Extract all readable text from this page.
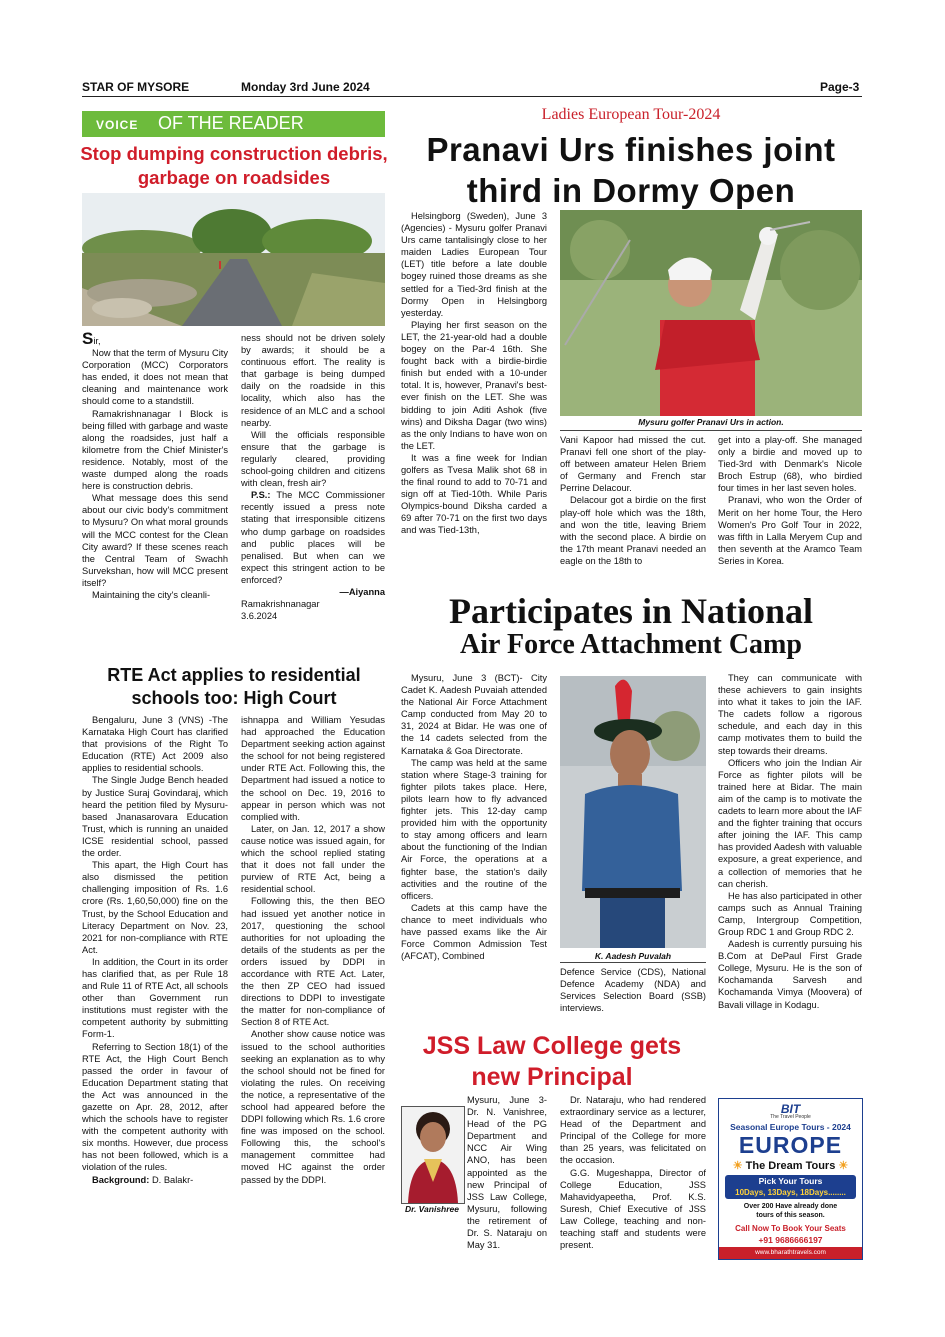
STAR OF MYSORE	Monday 3rd June 2024	Page-3
VOICE OF THE READER
Stop dumping construction debris,
garbage on roadsides

Sir,

Now that the term of Mysuru City Corporation (MCC) Corporators has ended, it does not mean that cleaning and maintenance work should come to a standstill.

Ramakrishnanagar I Block is being filled with garbage and waste along the roadsides, just half a kilometre from the Chief Minister's residence. Notably, most of the waste dumped along the roads here is construction debris.

What message does this send about our civic body's commitment to Mysuru? On what moral grounds will the MCC contest for the Clean City award? If these scenes reach the Central Team of Swachh Survekshan, how will MCC present itself?

Maintaining the city's cleanli-

ness should not be driven solely by awards; it should be a continuous effort. The reality is that garbage is being dumped daily on the roadside in this locality, which also has the residence of an MLC and a school nearby.

Will the officials responsible ensure that the garbage is regularly cleared, providing school-going children and citizens with clean, fresh air?

P.S.: The MCC Commissioner recently issued a press note stating that irresponsible citizens who dump garbage on roadsides and public places will be penalised. But when can we expect this stringent action to be enforced?

—Aiyanna

Ramakrishnanagar

3.6.2024

RTE Act applies to residential
schools too: High Court

Bengaluru, June 3 (VNS) -The Karnataka High Court has clarified that provisions of the Right To Education (RTE) Act 2009 also applies to residential schools.

The Single Judge Bench headed by Justice Suraj Govindaraj, which heard the petition filed by Mysuru-based Jnanasarovara Education Trust, which is running an unaided ICSE residential school, passed the order.

This apart, the High Court has also dismissed the petition challenging imposition of Rs. 1.6 crore (Rs. 1,60,50,000) fine on the Trust, by the School Education and Literacy Department on Nov. 23, 2021 for non-compliance with RTE Act.

In addition, the Court in its order has clarified that, as per Rule 18 and Rule 11 of RTE Act, all schools other than Government run institutions must register with the competent authority by submitting Form-1.

Referring to Section 18(1) of the RTE Act, the High Court Bench passed the order in favour of Education Department stating that the Act was announced in the gazette on Apr. 28, 2012, after which the schools have to register with the competent authority with six months. However, due process has not been followed, which is a violation of the rules.

Background: D. Balakr-

ishnappa and William Yesudas had approached the Education Department seeking action against the school for not being registered under RTE Act. Following this, the Department had issued a notice to the school on Dec. 19, 2016 to appear in person which was not complied with.

Later, on Jan. 12, 2017 a show cause notice was issued again, for which the school replied stating that it does not fall under the purview of RTE Act, being a residential school.

Following this, the then BEO had issued yet another notice in 2017, questioning the school authorities for not uploading the details of the students as per the orders issued by DDPI in accordance with RTE Act. Later, the then ZP CEO had issued directions to DDPI to investigate the matter for non-compliance of Section 8 of RTE Act.

Another show cause notice was issued to the school authorities seeking an explanation as to why the school should not be fined for violating the rules. On receiving the notice, a representative of the school had appeared before the DDPI following which Rs. 1.6 crore fine was imposed on the school. Following this, the school's management committee had moved HC against the order passed by the DDPI.

Ladies European Tour-2024
Pranavi Urs finishes joint
third in Dormy Open
Mysuru golfer Pranavi Urs in action.

Helsingborg (Sweden), June 3 (Agencies) - Mysuru golfer Pranavi Urs came tantalisingly close to her maiden Ladies European Tour (LET) title before a late double bogey ruined those dreams as she settled for a Tied-3rd finish at the Dormy Open in Helsingborg yesterday.

Playing her first season on the LET, the 21-year-old had a double bogey on the Par-4 16th. She fought back with a birdie-birdie finish but ended with a 10-under total. It is, however, Pranavi's best-ever finish on the LET. She was bidding to join Aditi Ashok (five wins) and Diksha Dagar (two wins) as the only Indians to have won on the LET.

It was a fine week for Indian golfers as Tvesa Malik shot 68 in the final round to add to 70-71 and sign off at Tied-10th. While Paris Olympics-bound Diksha carded a 69 after 70-71 on the first two days and was Tied-13th,

Vani Kapoor had missed the cut. Pranavi fell one short of the play-off between amateur Helen Briem of Germany and French star Perrine Delacour.

Delacour got a birdie on the first play-off hole which was the 18th, and won the title, leaving Briem with the second place. A birdie on the 17th meant Pranavi needed an eagle on the 18th to

get into a play-off. She managed only a birdie and moved up to Tied-3rd with Denmark's Nicole Broch Estrup (68), who birdied four times in her last seven holes.

Pranavi, who won the Order of Merit on her home Tour, the Hero Women's Pro Golf Tour in 2022, was fifth in Lalla Meryem Cup and then seventh at the Aramco Team Series in Korea.

Participates in National
Air Force Attachment Camp

Mysuru, June 3 (BCT)- City Cadet K. Aadesh Puvaiah attended the National Air Force Attachment Camp conducted from May 20 to 31, 2024 at Bidar. He was one of the 14 cadets selected from the Karnataka & Goa Directorate.

The camp was held at the same station where Stage-3 training for fighter pilots takes place. Here, pilots learn how to fly advanced fighter jets. This 12-day camp provided him with the opportunity to stay among officers and learn about the functioning of the Indian Air Force, the operations at a fighter base, the station's daily activities and the routine of the officers.

Cadets at this camp have the chance to meet individuals who have passed exams like the Air Force Common Admission Test (AFCAT), Combined	K. Aadesh Puvalah

Defence Service (CDS), National Defence Academy (NDA) and Services Selection Board (SSB) interviews.

They can communicate with these achievers to gain insights into what it takes to join the IAF. The cadets follow a rigorous schedule, and each day in this camp motivates them to build the step towards their dreams.

Officers who join the Indian Air Force as fighter pilots will be trained here at Bidar. The main aim of the camp is to motivate the cadets to learn more about the IAF and the fighter training that occurs after joining the IAF. This camp has provided Aadesh with valuable exposure, a great experience, and a collection of memories that he can cherish.

He has also participated in other camps such as Annual Training Camp, Intergroup Competition, Group RDC 1 and Group RDC 2.

Aadesh is currently pursuing his B.Com at DePaul First Grade College, Mysuru. He is the son of Kochamanda Sarvesh and Kochamanda Vimya (Moovera) of Bavali village in Kodagu.

JSS Law College gets
new Principal

Mysuru, June 3- Dr. N. Vanishree, Head of the PG Department and NCC Air Wing ANO, has been appointed as the new Principal of JSS Law College, Mysuru, following the retirement of Dr. S. Nataraju on May 31.

Dr. Vanishree

Dr. Nataraju, who had rendered extraordinary service as a lecturer, Head of the Department and Principal of the College for more than 25 years, was felicitated on the occasion.

G.G. Mugeshappa, Director of College Education, JSS Mahavidyapeetha, Prof. K.S. Suresh, Chief Executive of JSS Law College, teaching and non-teaching staff and students were present.

BIT
The Travel People
Seasonal Europe Tours - 2024
EUROPE
☀ The Dream Tours ☀
Pick Your Tours
10Days, 13Days, 18Days........
Over 200 Have already done
tours of this season.
Call Now To Book Your Seats
+91 9686666197
www.bharathtravels.com
